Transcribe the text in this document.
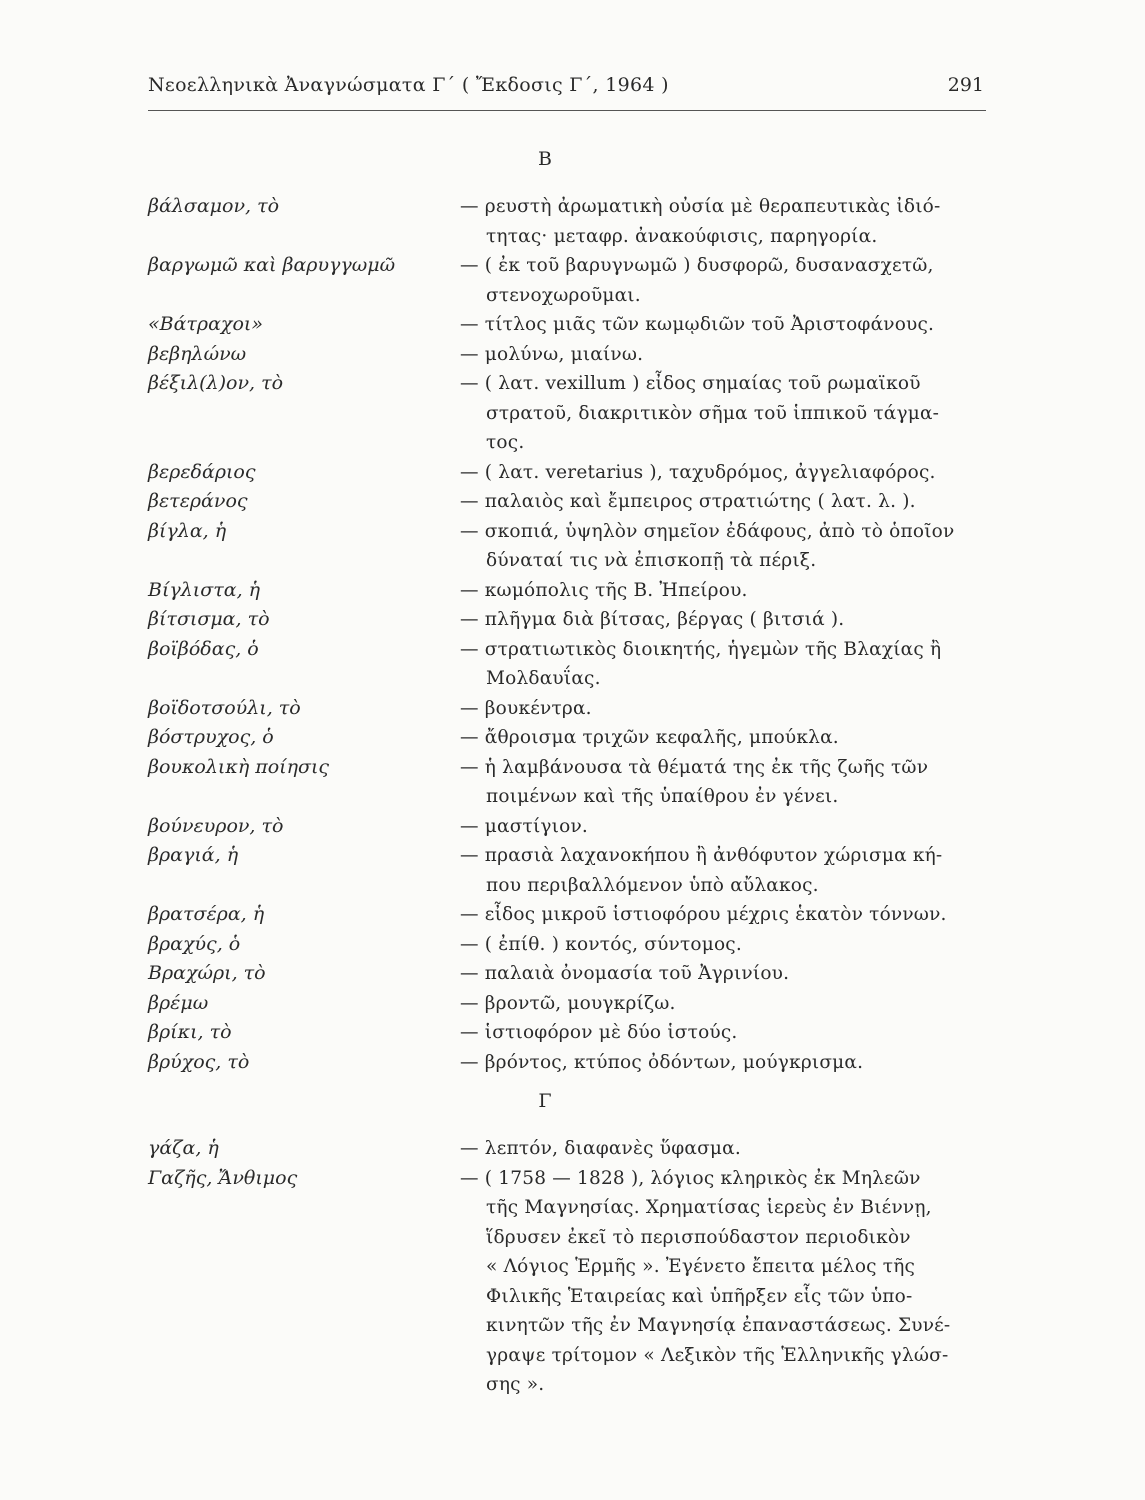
Νεοελληνικὰ Ἀναγνώσματα Γ΄ ( Ἔκδοσις Γ΄, 1964 )	291
Β
βάλσαμον, τὸ	— ρευστὴ ἀρωματικὴ οὐσία μὲ θεραπευτικὰς ἰδιό-
τητας· μεταφρ. ἀνακούφισις, παρηγορία.
βαργωμῶ καὶ βαρυγγωμῶ	— ( ἐκ τοῦ βαρυγνωμῶ ) δυσφορῶ, δυσανασχετῶ,
στενοχωροῦμαι.
«Βάτραχοι»	— τίτλος μιᾶς τῶν κωμῳδιῶν τοῦ Ἀριστοφάνους.
βεβηλώνω	— μολύνω, μιαίνω.
βέξιλ(λ)ον, τὸ	— ( λατ. vexillum ) εἶδος σημαίας τοῦ ρωμαϊκοῦ
στρατοῦ, διακριτικὸν σῆμα τοῦ ἱππικοῦ τάγμα-
τος.
βερεδάριος	— ( λατ. veretarius ), ταχυδρόμος, ἀγγελιαφόρος.
βετεράνος	— παλαιὸς καὶ ἔμπειρος στρατιώτης ( λατ. λ. ).
βίγλα, ἡ	— σκοπιά, ὑψηλὸν σημεῖον ἐδάφους, ἀπὸ τὸ ὁποῖον
δύναταί τις νὰ ἐπισκοπῇ τὰ πέριξ.
Βίγλιστα, ἡ	— κωμόπολις τῆς Β. Ἠπείρου.
βίτσισμα, τὸ	— πλῆγμα διὰ βίτσας, βέργας ( βιτσιά ).
βοϊβόδας, ὁ	— στρατιωτικὸς διοικητής, ἡγεμὼν τῆς Βλαχίας ἢ
Μολδαυΐας.
βοϊδοτσούλι, τὸ	— βουκέντρα.
βόστρυχος, ὁ	— ἄθροισμα τριχῶν κεφαλῆς, μπούκλα.
βουκολικὴ ποίησις	— ἡ λαμβάνουσα τὰ θέματά της ἐκ τῆς ζωῆς τῶν
ποιμένων καὶ τῆς ὑπαίθρου ἐν γένει.
βούνευρον, τὸ	— μαστίγιον.
βραγιά, ἡ	— πρασιὰ λαχανοκήπου ἢ ἀνθόφυτον χώρισμα κή-
που περιβαλλόμενον ὑπὸ αὔλακος.
βρατσέρα, ἡ	— εἶδος μικροῦ ἱστιοφόρου μέχρις ἑκατὸν τόννων.
βραχύς, ὁ	— ( ἐπίθ. ) κοντός, σύντομος.
Βραχώρι, τὸ	— παλαιὰ ὀνομασία τοῦ Ἀγρινίου.
βρέμω	— βροντῶ, μουγκρίζω.
βρίκι, τὸ	— ἱστιοφόρον μὲ δύο ἱστούς.
βρύχος, τὸ	— βρόντος, κτύπος ὀδόντων, μούγκρισμα.
Γ
γάζα, ἡ	— λεπτόν, διαφανὲς ὕφασμα.
Γαζῆς, Ἄνθιμος	— ( 1758 — 1828 ), λόγιος κληρικὸς ἐκ Μηλεῶν
τῆς Μαγνησίας. Χρηματίσας ἱερεὺς ἐν Βιέννῃ,
ἵδρυσεν ἐκεῖ τὸ περισπούδαστον περιοδικὸν
« Λόγιος Ἑρμῆς ». Ἐγένετο ἔπειτα μέλος τῆς
Φιλικῆς Ἑταιρείας καὶ ὑπῆρξεν εἷς τῶν ὑπο-
κινητῶν τῆς ἐν Μαγνησίᾳ ἐπαναστάσεως. Συνέ-
γραψε τρίτομον « Λεξικὸν τῆς Ἑλληνικῆς γλώσ-
σης ».
